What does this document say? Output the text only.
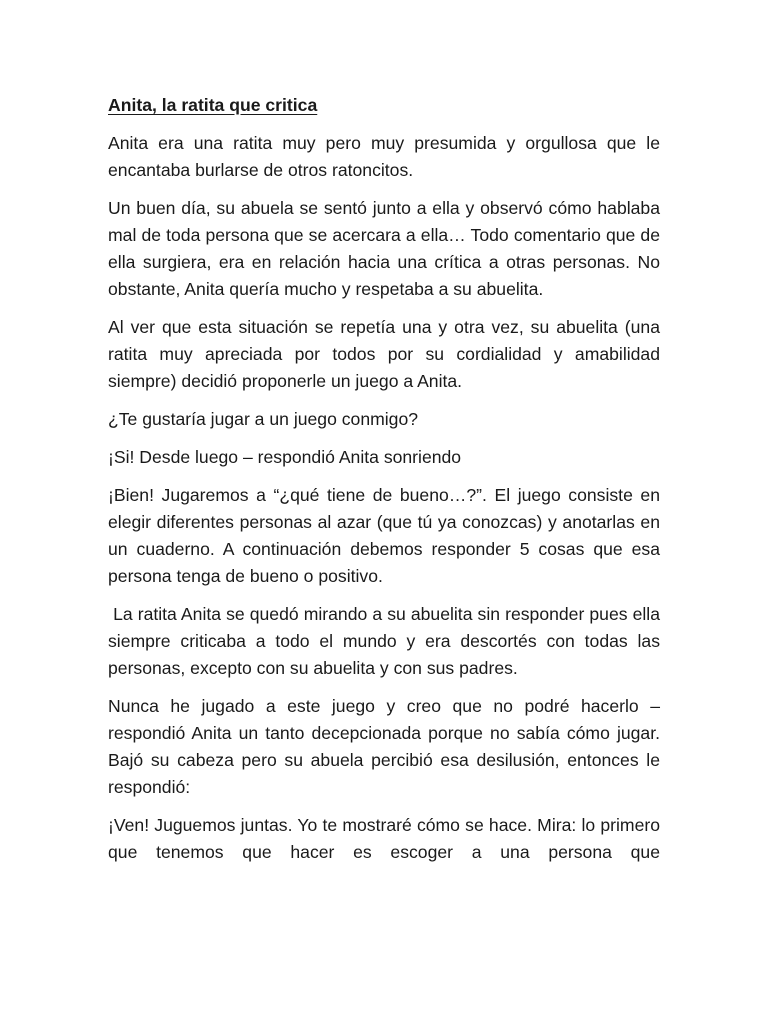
Anita, la ratita que critica

Anita era una ratita muy pero muy presumida y orgullosa que le encantaba burlarse de otros ratoncitos.

Un buen día, su abuela se sentó junto a ella y observó cómo hablaba mal de toda persona que se acercara a ella… Todo comentario que de ella surgiera, era en relación hacia una crítica a otras personas. No obstante, Anita quería mucho y respetaba a su abuelita.

Al ver que esta situación se repetía una y otra vez, su abuelita (una ratita muy apreciada por todos por su cordialidad y amabilidad siempre) decidió proponerle un juego a Anita.

¿Te gustaría jugar a un juego conmigo?

¡Si! Desde luego – respondió Anita sonriendo

¡Bien! Jugaremos a “¿qué tiene de bueno…?”. El juego consiste en elegir diferentes personas al azar (que tú ya conozcas) y anotarlas en un cuaderno. A continuación debemos responder 5 cosas que esa persona tenga de bueno o positivo.

La ratita Anita se quedó mirando a su abuelita sin responder pues ella siempre criticaba a todo el mundo y era descortés con todas las personas, excepto con su abuelita y con sus padres.

Nunca he jugado a este juego y creo que no podré hacerlo – respondió Anita un tanto decepcionada porque no sabía cómo jugar. Bajó su cabeza pero su abuela percibió esa desilusión, entonces le respondió:

¡Ven! Juguemos juntas. Yo te mostraré cómo se hace. Mira: lo primero que tenemos que hacer es escoger a una persona que
